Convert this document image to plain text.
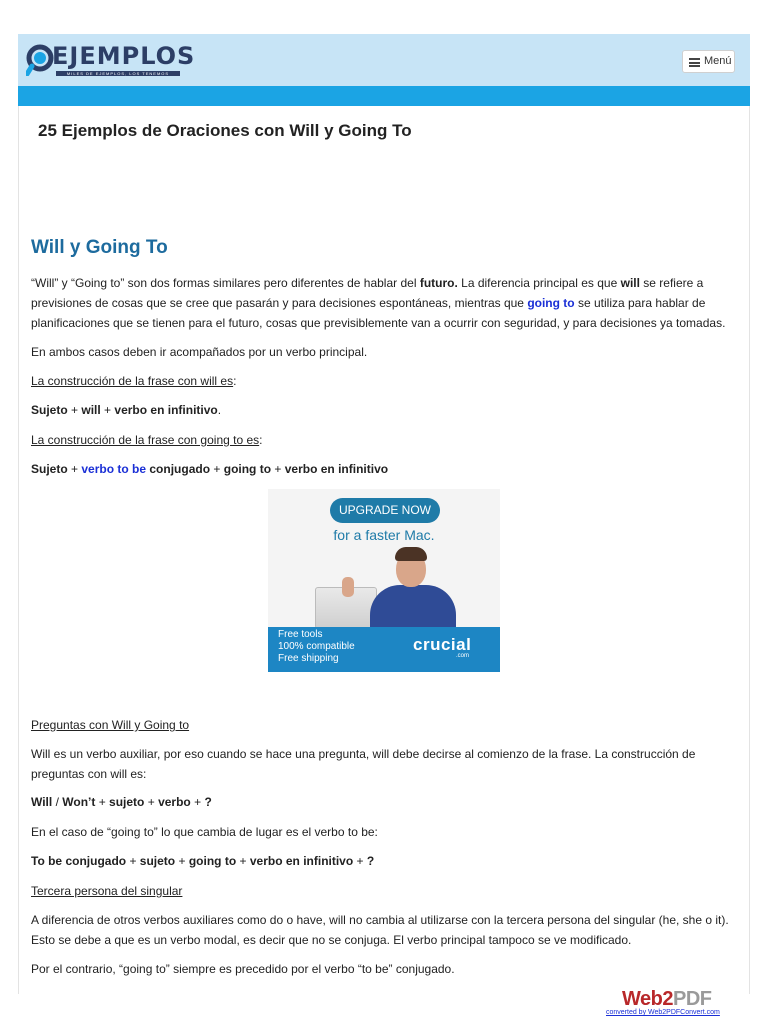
EJEMPLOS
MILES DE EJEMPLOS, LOS TENEMOS
Menú
25 Ejemplos de Oraciones con Will y Going To
Will y Going To

“Will” y “Going to” son dos formas similares pero diferentes de hablar del futuro. La diferencia principal es que will se refiere a previsiones de cosas que se cree que pasarán y para decisiones espontáneas, mientras que going to se utiliza para hablar de planificaciones que se tienen para el futuro, cosas que previsiblemente van a ocurrir con seguridad, y para decisiones ya tomadas.

En ambos casos deben ir acompañados por un verbo principal.

La construcción de la frase con will es:

Sujeto + will + verbo en infinitivo.

La construcción de la frase con going to es:

Sujeto + verbo to be conjugado + going to + verbo en infinitivo

UPGRADE NOW
for a faster Mac.
Free tools
100% compatible
Free shipping
crucial
.com

Preguntas con Will y Going to

Will es un verbo auxiliar, por eso cuando se hace una pregunta, will debe decirse al comienzo de la frase. La construcción de preguntas con will es:

Will / Won’t + sujeto + verbo + ?

En el caso de “going to” lo que cambia de lugar es el verbo to be:

To be conjugado + sujeto + going to + verbo en infinitivo + ?

Tercera persona del singular

A diferencia de otros verbos auxiliares como do o have, will no cambia al utilizarse con la tercera persona del singular (he, she o it). Esto se debe a que es un verbo modal, es decir que no se conjuga. El verbo principal tampoco se ve modificado.

Por el contrario, “going to” siempre es precedido por el verbo “to be” conjugado.

Web2PDF
converted by Web2PDFConvert.com
